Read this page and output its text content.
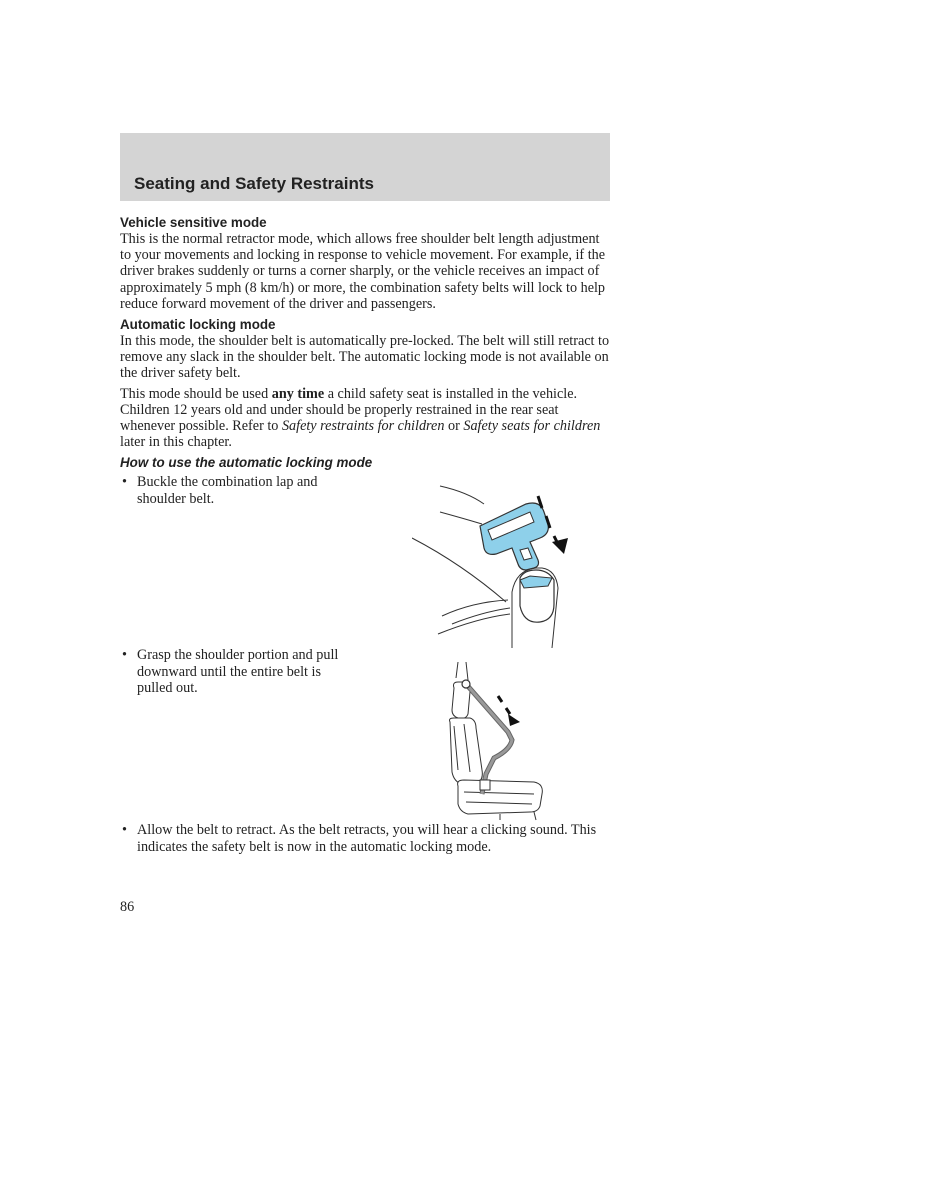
Seating and Safety Restraints
Vehicle sensitive mode

This is the normal retractor mode, which allows free shoulder belt length adjustment to your movements and locking in response to vehicle movement. For example, if the driver brakes suddenly or turns a corner sharply, or the vehicle receives an impact of approximately 5 mph (8 km/h) or more, the combination safety belts will lock to help reduce forward movement of the driver and passengers.

Automatic locking mode

In this mode, the shoulder belt is automatically pre-locked. The belt will still retract to remove any slack in the shoulder belt. The automatic locking mode is not available on the driver safety belt.

This mode should be used any time a child safety seat is installed in the vehicle. Children 12 years old and under should be properly restrained in the rear seat whenever possible. Refer to Safety restraints for children or Safety seats for children later in this chapter.

How to use the automatic locking mode
• Buckle the combination lap and shoulder belt.
• Grasp the shoulder portion and pull downward until the entire belt is pulled out.
• Allow the belt to retract. As the belt retracts, you will hear a clicking sound. This indicates the safety belt is now in the automatic locking mode.
86
